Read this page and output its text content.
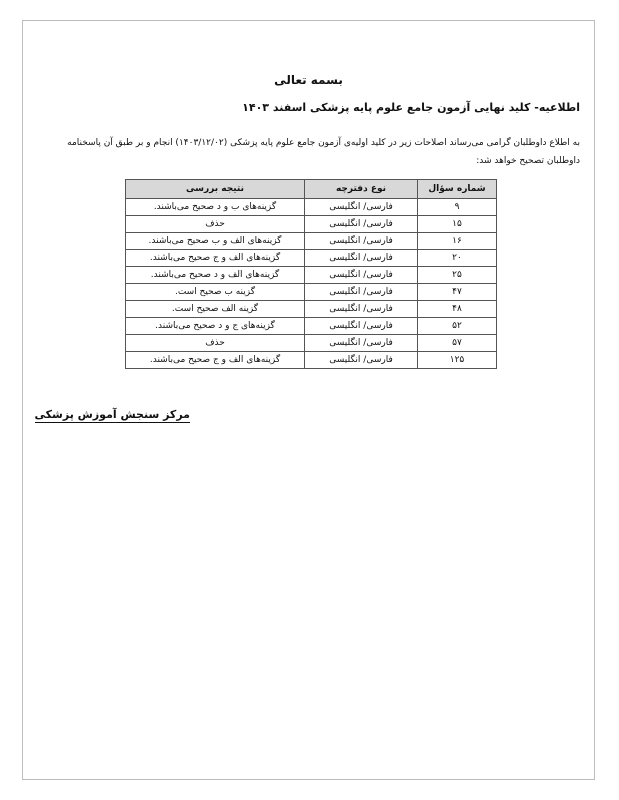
بسمه تعالی
اطلاعیه- کلید نهایی آزمون جامع علوم پایه پزشکی اسفند ۱۴۰۳
به اطلاع داوطلبان گرامی می‌رساند اصلاحات زیر در کلید اولیه‌ی آزمون جامع علوم پایه پزشکی (۱۴۰۳/۱۲/۰۲) انجام و بر طبق آن پاسخنامه داوطلبان تصحیح خواهد شد:
شماره سؤال	نوع دفترچه	نتیجه بررسی
۹	فارسی/ انگلیسی	گزینه‌های ب و د صحیح می‌باشند.
۱۵	فارسی/ انگلیسی	حذف
۱۶	فارسی/ انگلیسی	گزینه‌های الف و ب صحیح می‌باشند.
۲۰	فارسی/ انگلیسی	گزینه‌های الف و ج صحیح می‌باشند.
۲۵	فارسی/ انگلیسی	گزینه‌های الف و د صحیح می‌باشند.
۴۷	فارسی/ انگلیسی	گزینه ب صحیح است.
۴۸	فارسی/ انگلیسی	گزینه الف صحیح است.
۵۲	فارسی/ انگلیسی	گزینه‌های ج و د صحیح می‌باشند.
۵۷	فارسی/ انگلیسی	حذف
۱۲۵	فارسی/ انگلیسی	گزینه‌های الف و ج صحیح می‌باشند.
مرکز سنجش آموزش پزشکی
